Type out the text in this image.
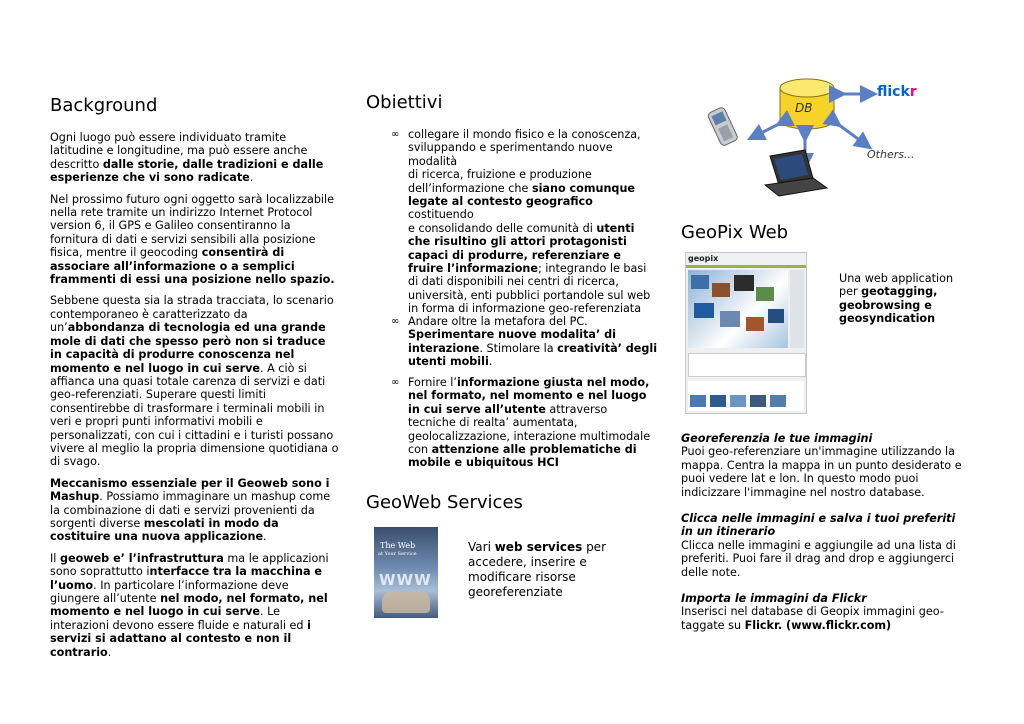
Background

Ogni luogo può essere individuato tramite latitudine e longitudine, ma può essere anche descritto dalle storie, dalle tradizioni e dalle esperienze che vi sono radicate.

Nel prossimo futuro ogni oggetto sarà localizzabile nella rete tramite un indirizzo Internet Protocol version 6, il GPS e Galileo consentiranno la fornitura di dati e servizi sensibili alla posizione fisica, mentre il geocoding consentirà di associare all’informazione o a semplici frammenti di essi una posizione nello spazio.

Sebbene questa sia la strada tracciata, lo scenario contemporaneo è caratterizzato da un’abbondanza di tecnologia ed una grande mole di dati che spesso però non si traduce in capacità di produrre conoscenza nel momento e nel luogo in cui serve. A ciò si affianca una quasi totale carenza di servizi e dati geo-referenziati. Superare questi limiti consentirebbe di trasformare i terminali mobili in veri e propri punti informativi mobili e personalizzati, con cui i cittadini e i turisti possano vivere al meglio la propria dimensione quotidiana o di svago.

Meccanismo essenziale per il Geoweb sono i Mashup. Possiamo immaginare un mashup come la combinazione di dati e servizi provenienti da sorgenti diverse mescolati in modo da costituire una nuova applicazione.

Il geoweb e’ l’infrastruttura ma le applicazioni sono soprattutto interfacce tra la macchina e l’uomo. In particolare l’informazione deve giungere all’utente nel modo, nel formato, nel momento e nel luogo in cui serve. Le interazioni devono essere fluide e naturali ed i servizi si adattano al contesto e non il contrario.

Obiettivi
∞ collegare il mondo fisico e la conoscenza, sviluppando e sperimentando nuove modalità
di ricerca, fruizione e produzione dell’informazione che siano comunque legate al contesto geografico
costituendo
e consolidando delle comunità di utenti che risultino gli attori protagonisti capaci di produrre, referenziare e fruire l’informazione; integrando le basi di dati disponibili nei centri di ricerca, università, enti pubblici portandole sul web in forma di informazione geo-referenziata
∞ Andare oltre la metafora del PC. Sperimentare nuove modalita’ di interazione. Stimolare la creatività’ degli utenti mobili.
∞ Fornire l’informazione giusta nel modo, nel formato, nel momento e nel luogo in cui serve all’utente attraverso tecniche di realta’ aumentata, geolocalizzazione, interazione multimodale con attenzione alle problematiche di mobile e ubiquitous HCI
GeoWeb Services
The Web
at Your Service
WWW

Vari web services per accedere, inserire e modificare risorse georeferenziate

DB
flickr
Others...
GeoPix Web
geopix

Una web application per geotagging, geobrowsing e geosyndication

Georeferenzia le tue immagini

Puoi geo-referenziare un'immagine utilizzando la mappa. Centra la mappa in un punto desiderato e puoi vedere lat e lon. In questo modo puoi indicizzare l'immagine nel nostro database.

Clicca nelle immagini e salva i tuoi preferiti in un itinerario

Clicca nelle immagini e aggiungile ad una lista di preferiti. Puoi fare il drag and drop e aggiungerci delle note.

Importa le immagini da Flickr

Inserisci nel database di Geopix immagini geo-taggate su Flickr. (www.flickr.com)
